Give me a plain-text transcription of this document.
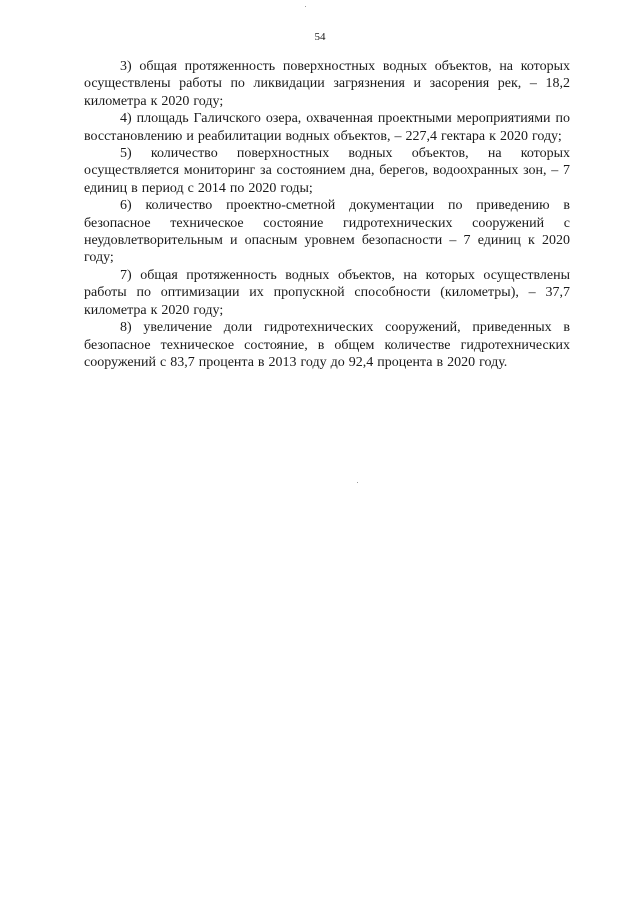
54

3) общая протяженность поверхностных водных объектов, на которых осуществлены работы по ликвидации загрязнения и засорения рек, – 18,2 километра к 2020 году;

4) площадь Галичского озера, охваченная проектными мероприятиями по восстановлению и реабилитации водных объектов, – 227,4 гектара к 2020 году;

5) количество поверхностных водных объектов, на которых осуществляется мониторинг за состоянием дна, берегов, водоохранных зон, – 7 единиц в период с 2014 по 2020 годы;

6) количество проектно-сметной документации по приведению в безопасное техническое состояние гидротехнических сооружений с неудовлетворительным и опасным уровнем безопасности – 7 единиц к 2020 году;

7) общая протяженность водных объектов, на которых осуществлены работы по оптимизации их пропускной способности (километры), – 37,7 километра к 2020 году;

8) увеличение доли гидротехнических сооружений, приведенных в безопасное техническое состояние, в общем количестве гидротехнических сооружений с 83,7 процента в 2013 году до 92,4 процента в 2020 году.
